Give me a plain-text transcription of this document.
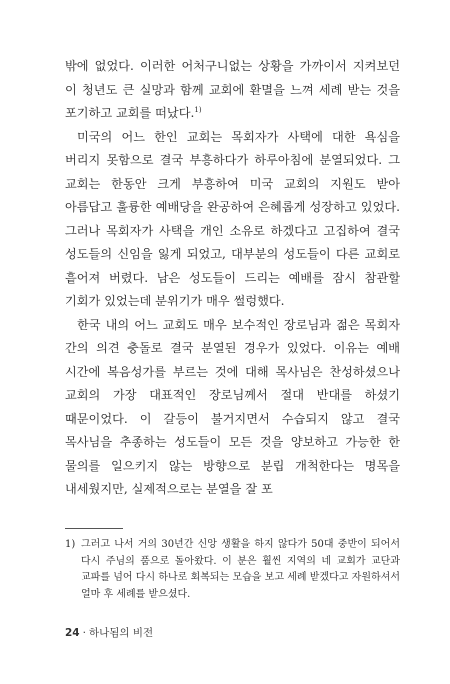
밖에 없었다. 이러한 어처구니없는 상황을 가까이서 지켜보던 이 청년도 큰 실망과 함께 교회에 환멸을 느껴 세례 받는 것을 포기하고 교회를 떠났다.$^{1)}$

미국의 어느 한인 교회는 목회자가 사택에 대한 욕심을 버리지 못함으로 결국 부흥하다가 하루아침에 분열되었다. 그 교회는 한동안 크게 부흥하여 미국 교회의 지원도 받아 아름답고 훌륭한 예배당을 완공하여 은혜롭게 성장하고 있었다. 그러나 목회자가 사택을 개인 소유로 하겠다고 고집하여 결국 성도들의 신임을 잃게 되었고, 대부분의 성도들이 다른 교회로 흩어져 버렸다. 남은 성도들이 드리는 예배를 잠시 참관할 기회가 있었는데 분위기가 매우 썰렁했다.

한국 내의 어느 교회도 매우 보수적인 장로님과 젊은 목회자 간의 의견 충돌로 결국 분열된 경우가 있었다. 이유는 예배 시간에 복음성가를 부르는 것에 대해 목사님은 찬성하셨으나 교회의 가장 대표적인 장로님께서 절대 반대를 하셨기 때문이었다. 이 갈등이 불거지면서 수습되지 않고 결국 목사님을 추종하는 성도들이 모든 것을 양보하고 가능한 한 물의를 일으키지 않는 방향으로 분립 개척한다는 명목을 내세웠지만, 실제적으로는 분열을 잘 포

1) 그러고 나서 거의 30년간 신앙 생활을 하지 않다가 50대 중반이 되어서 다시 주님의 품으로 돌아왔다. 이 분은 훨씬 지역의 네 교회가 교단과 교파를 넘어 다시 하나로 회복되는 모습을 보고 세례 받겠다고 자원하셔서 얼마 후 세례를 받으셨다.
24 · 하나됨의 비전
